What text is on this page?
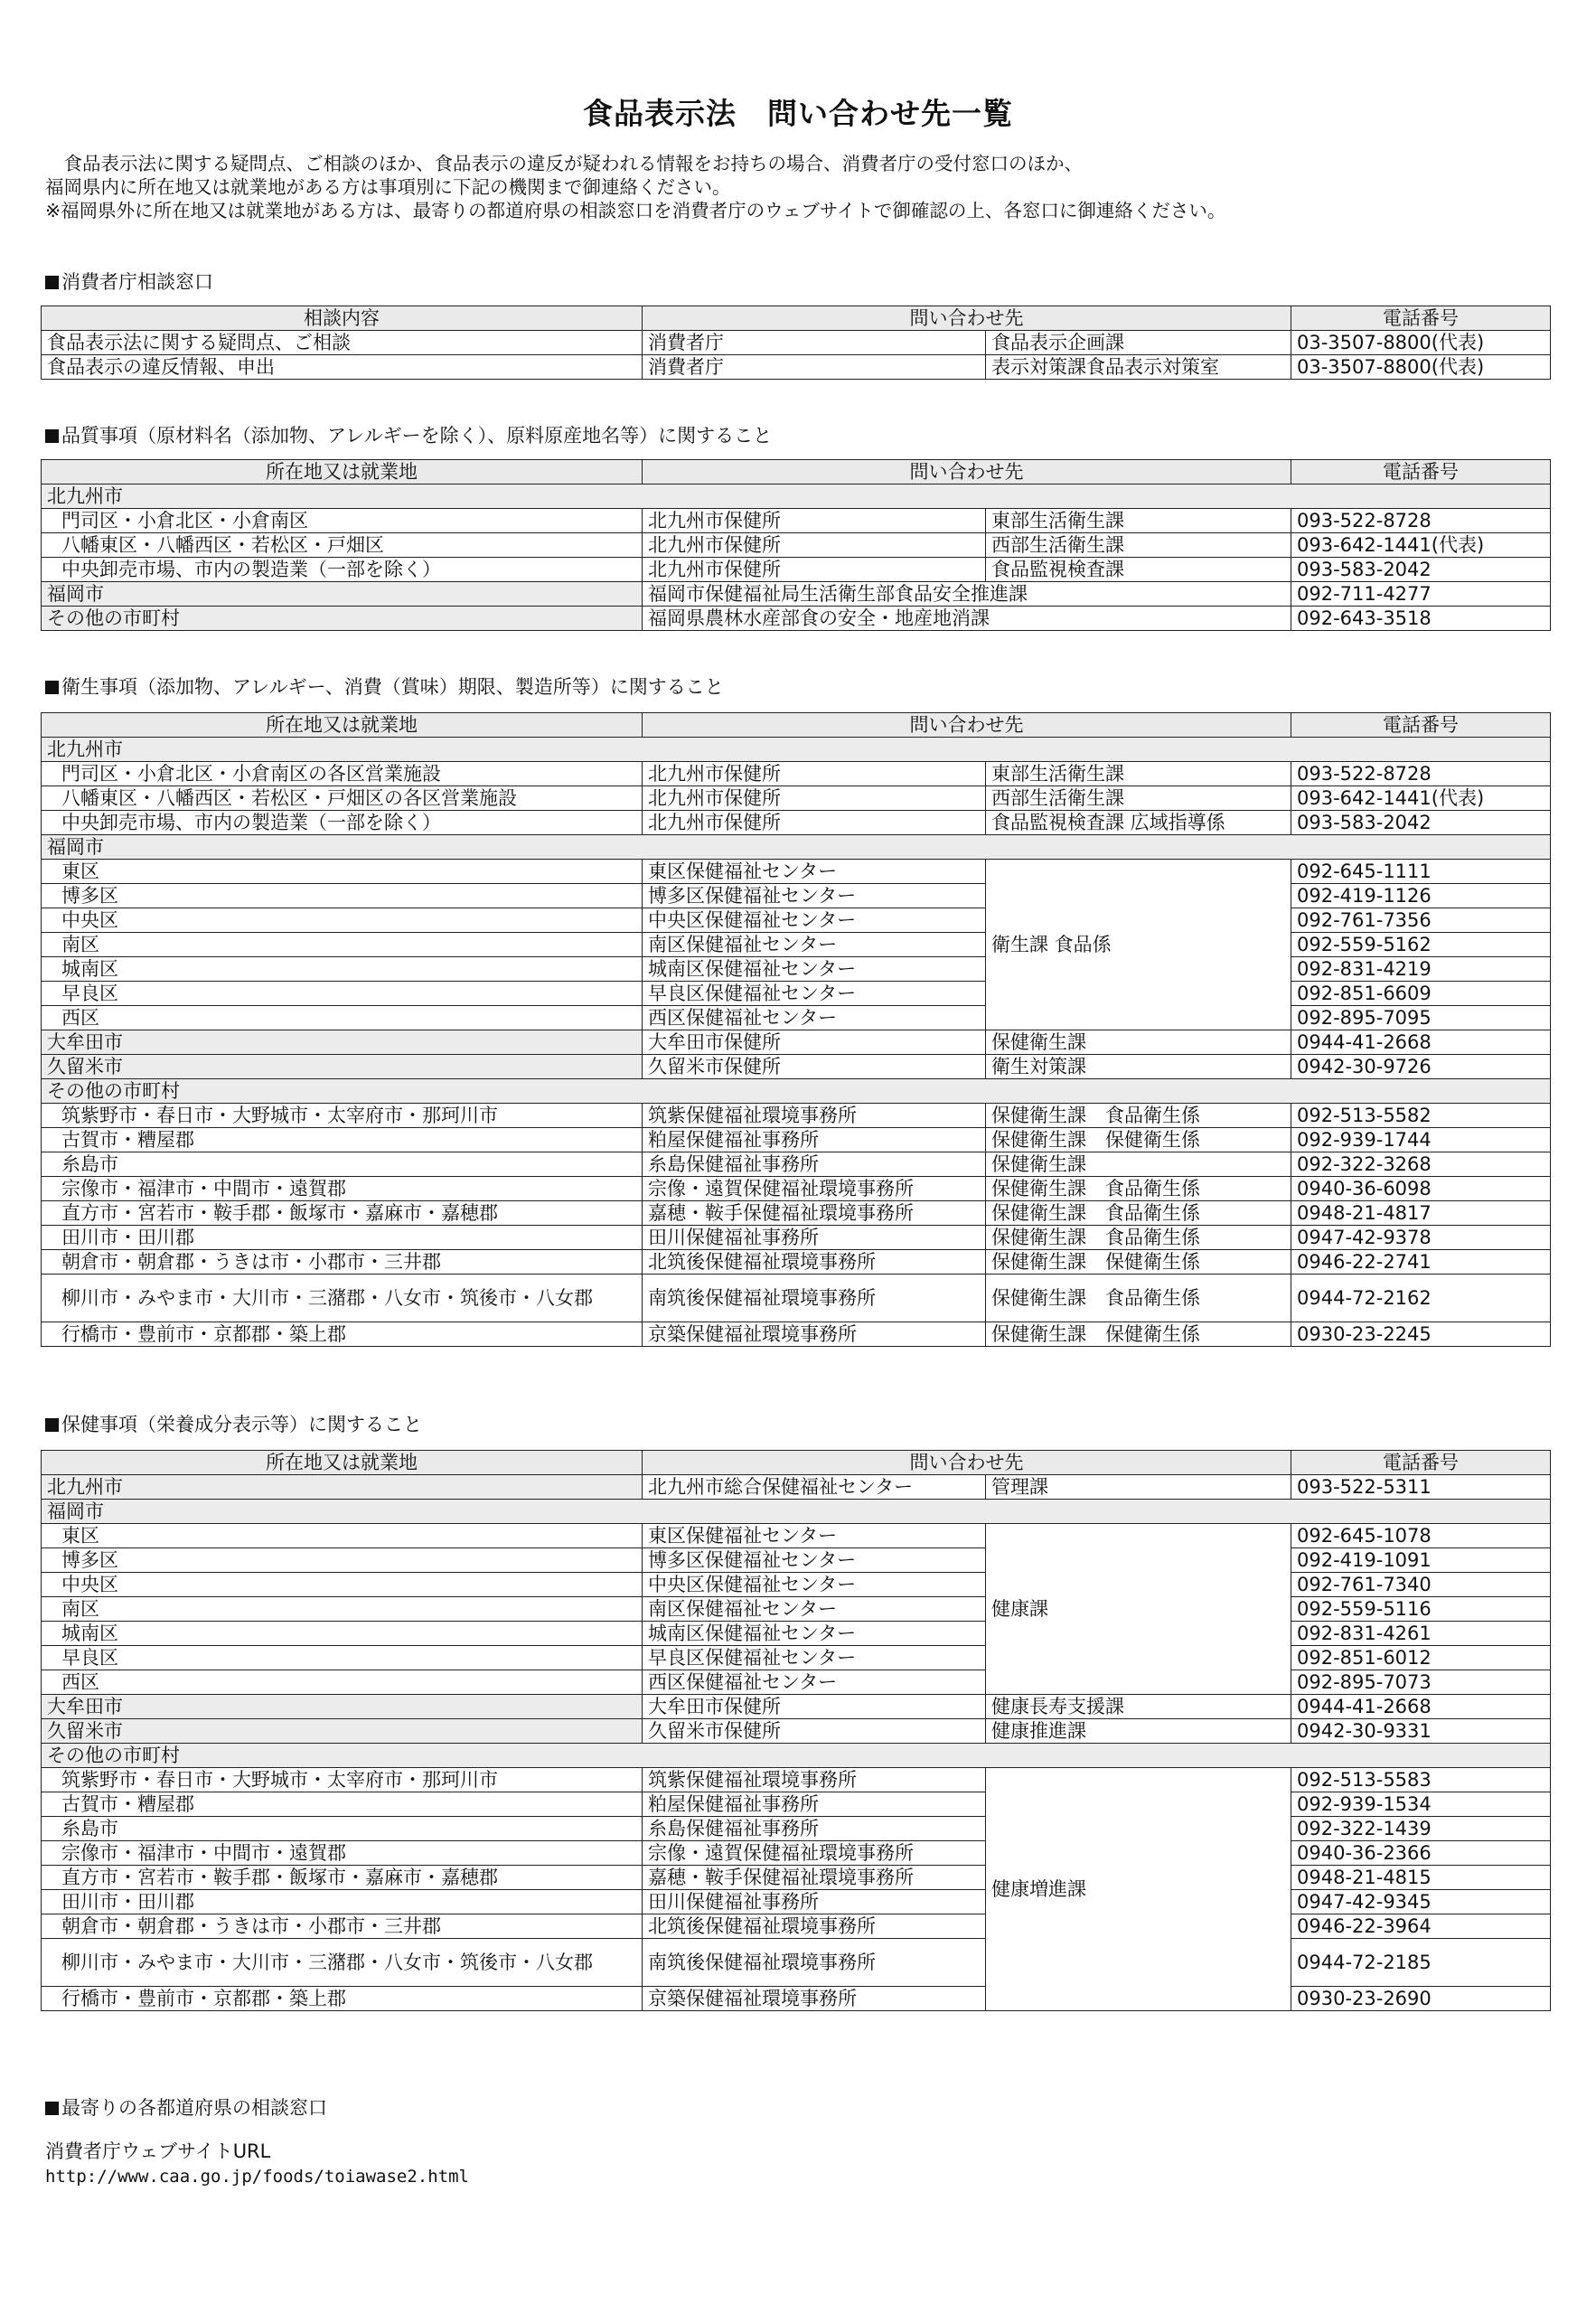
食品表示法　問い合わせ先一覧
　食品表示法に関する疑問点、ご相談のほか、食品表示の違反が疑われる情報をお持ちの場合、消費者庁の受付窓口のほか、
福岡県内に所在地又は就業地がある方は事項別に下記の機関まで御連絡ください。
※福岡県外に所在地又は就業地がある方は、最寄りの都道府県の相談窓口を消費者庁のウェブサイトで御確認の上、各窓口に御連絡ください。
消費者庁相談窓口
相談内容	問い合わせ先		電話番号
食品表示法に関する疑問点、ご相談	消費者庁	食品表示企画課	03-3507-8800(代表)
食品表示の違反情報、申出	消費者庁	表示対策課食品表示対策室	03-3507-8800(代表)
品質事項（原材料名（添加物、アレルギーを除く）、原料原産地名等）に関すること
所在地又は就業地	問い合わせ先		電話番号
北九州市			
門司区・小倉北区・小倉南区	北九州市保健所	東部生活衛生課	093-522-8728
八幡東区・八幡西区・若松区・戸畑区	北九州市保健所	西部生活衛生課	093-642-1441(代表)
中央卸売市場、市内の製造業（一部を除く）	北九州市保健所	食品監視検査課	093-583-2042
福岡市	福岡市保健福祉局生活衛生部食品安全推進課		092-711-4277
その他の市町村	福岡県農林水産部食の安全・地産地消課		092-643-3518
衛生事項（添加物、アレルギー、消費（賞味）期限、製造所等）に関すること
所在地又は就業地	問い合わせ先		電話番号
北九州市			
門司区・小倉北区・小倉南区の各区営業施設	北九州市保健所	東部生活衛生課	093-522-8728
八幡東区・八幡西区・若松区・戸畑区の各区営業施設	北九州市保健所	西部生活衛生課	093-642-1441(代表)
中央卸売市場、市内の製造業（一部を除く）	北九州市保健所	食品監視検査課 広域指導係	093-583-2042
福岡市			
東区	東区保健福祉センター	衛生課 食品係	092-645-1111
博多区	博多区保健福祉センター		092-419-1126
中央区	中央区保健福祉センター		092-761-7356
南区	南区保健福祉センター		092-559-5162
城南区	城南区保健福祉センター		092-831-4219
早良区	早良区保健福祉センター		092-851-6609
西区	西区保健福祉センター		092-895-7095
大牟田市	大牟田市保健所	保健衛生課	0944-41-2668
久留米市	久留米市保健所	衛生対策課	0942-30-9726
その他の市町村			
筑紫野市・春日市・大野城市・太宰府市・那珂川市	筑紫保健福祉環境事務所	保健衛生課　食品衛生係	092-513-5582
古賀市・糟屋郡	粕屋保健福祉事務所	保健衛生課　保健衛生係	092-939-1744
糸島市	糸島保健福祉事務所	保健衛生課	092-322-3268
宗像市・福津市・中間市・遠賀郡	宗像・遠賀保健福祉環境事務所	保健衛生課　食品衛生係	0940-36-6098
直方市・宮若市・鞍手郡・飯塚市・嘉麻市・嘉穂郡	嘉穂・鞍手保健福祉環境事務所	保健衛生課　食品衛生係	0948-21-4817
田川市・田川郡	田川保健福祉事務所	保健衛生課　食品衛生係	0947-42-9378
朝倉市・朝倉郡・うきは市・小郡市・三井郡	北筑後保健福祉環境事務所	保健衛生課　保健衛生係	0946-22-2741
柳川市・みやま市・大川市・三潴郡・八女市・筑後市・八女郡	南筑後保健福祉環境事務所	保健衛生課　食品衛生係	0944-72-2162
行橋市・豊前市・京都郡・築上郡	京築保健福祉環境事務所	保健衛生課　保健衛生係	0930-23-2245
保健事項（栄養成分表示等）に関すること
所在地又は就業地	問い合わせ先		電話番号
北九州市	北九州市総合保健福祉センター	管理課	093-522-5311
福岡市			
東区	東区保健福祉センター	健康課	092-645-1078
博多区	博多区保健福祉センター		092-419-1091
中央区	中央区保健福祉センター		092-761-7340
南区	南区保健福祉センター		092-559-5116
城南区	城南区保健福祉センター		092-831-4261
早良区	早良区保健福祉センター		092-851-6012
西区	西区保健福祉センター		092-895-7073
大牟田市	大牟田市保健所	健康長寿支援課	0944-41-2668
久留米市	久留米市保健所	健康推進課	0942-30-9331
その他の市町村			
筑紫野市・春日市・大野城市・太宰府市・那珂川市	筑紫保健福祉環境事務所	健康増進課	092-513-5583
古賀市・糟屋郡	粕屋保健福祉事務所		092-939-1534
糸島市	糸島保健福祉事務所		092-322-1439
宗像市・福津市・中間市・遠賀郡	宗像・遠賀保健福祉環境事務所		0940-36-2366
直方市・宮若市・鞍手郡・飯塚市・嘉麻市・嘉穂郡	嘉穂・鞍手保健福祉環境事務所		0948-21-4815
田川市・田川郡	田川保健福祉事務所		0947-42-9345
朝倉市・朝倉郡・うきは市・小郡市・三井郡	北筑後保健福祉環境事務所		0946-22-3964
柳川市・みやま市・大川市・三潴郡・八女市・筑後市・八女郡	南筑後保健福祉環境事務所		0944-72-2185
行橋市・豊前市・京都郡・築上郡	京築保健福祉環境事務所		0930-23-2690
最寄りの各都道府県の相談窓口
消費者庁ウェブサイトURL
http://www.caa.go.jp/foods/toiawase2.html
